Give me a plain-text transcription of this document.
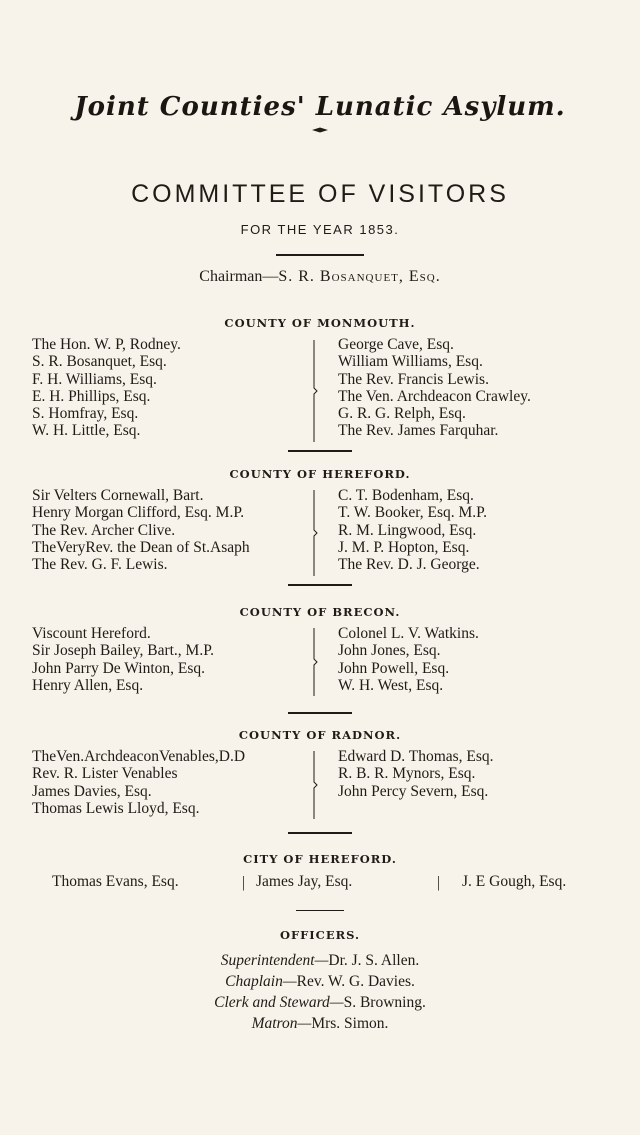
Joint Counties' Lunatic Asylum.
COMMITTEE OF VISITORS
FOR THE YEAR 1853.
Chairman—S. R. Bosanquet, Esq.
COUNTY OF MONMOUTH.
The Hon. W. P, Rodney.
S. R. Bosanquet, Esq.
F. H. Williams, Esq.
E. H. Phillips, Esq.
S. Homfray, Esq.
W. H. Little, Esq.
George Cave, Esq.
William Williams, Esq.
The Rev. Francis Lewis.
The Ven. Archdeacon Crawley.
G. R. G. Relph, Esq.
The Rev. James Farquhar.
COUNTY OF HEREFORD.
Sir Velters Cornewall, Bart.
Henry Morgan Clifford, Esq. M.P.
The Rev. Archer Clive.
TheVeryRev. the Dean of St.Asaph
The Rev. G. F. Lewis.
C. T. Bodenham, Esq.
T. W. Booker, Esq. M.P.
R. M. Lingwood, Esq.
J. M. P. Hopton, Esq.
The Rev. D. J. George.
COUNTY OF BRECON.
Viscount Hereford.
Sir Joseph Bailey, Bart., M.P.
John Parry De Winton, Esq.
Henry Allen, Esq.
Colonel L. V. Watkins.
John Jones, Esq.
John Powell, Esq.
W. H. West, Esq.
COUNTY OF RADNOR.
TheVen.ArchdeaconVenables,D.D
Rev. R. Lister Venables
James Davies, Esq.
Thomas Lewis Lloyd, Esq.
Edward D. Thomas, Esq.
R. B. R. Mynors, Esq.
John Percy Severn, Esq.
CITY OF HEREFORD.
Thomas Evans, Esq.	| James Jay, Esq.	| J. E Gough, Esq.
OFFICERS.
Superintendent—Dr. J. S. Allen.
Chaplain—Rev. W. G. Davies.
Clerk and Steward—S. Browning.
Matron—Mrs. Simon.
